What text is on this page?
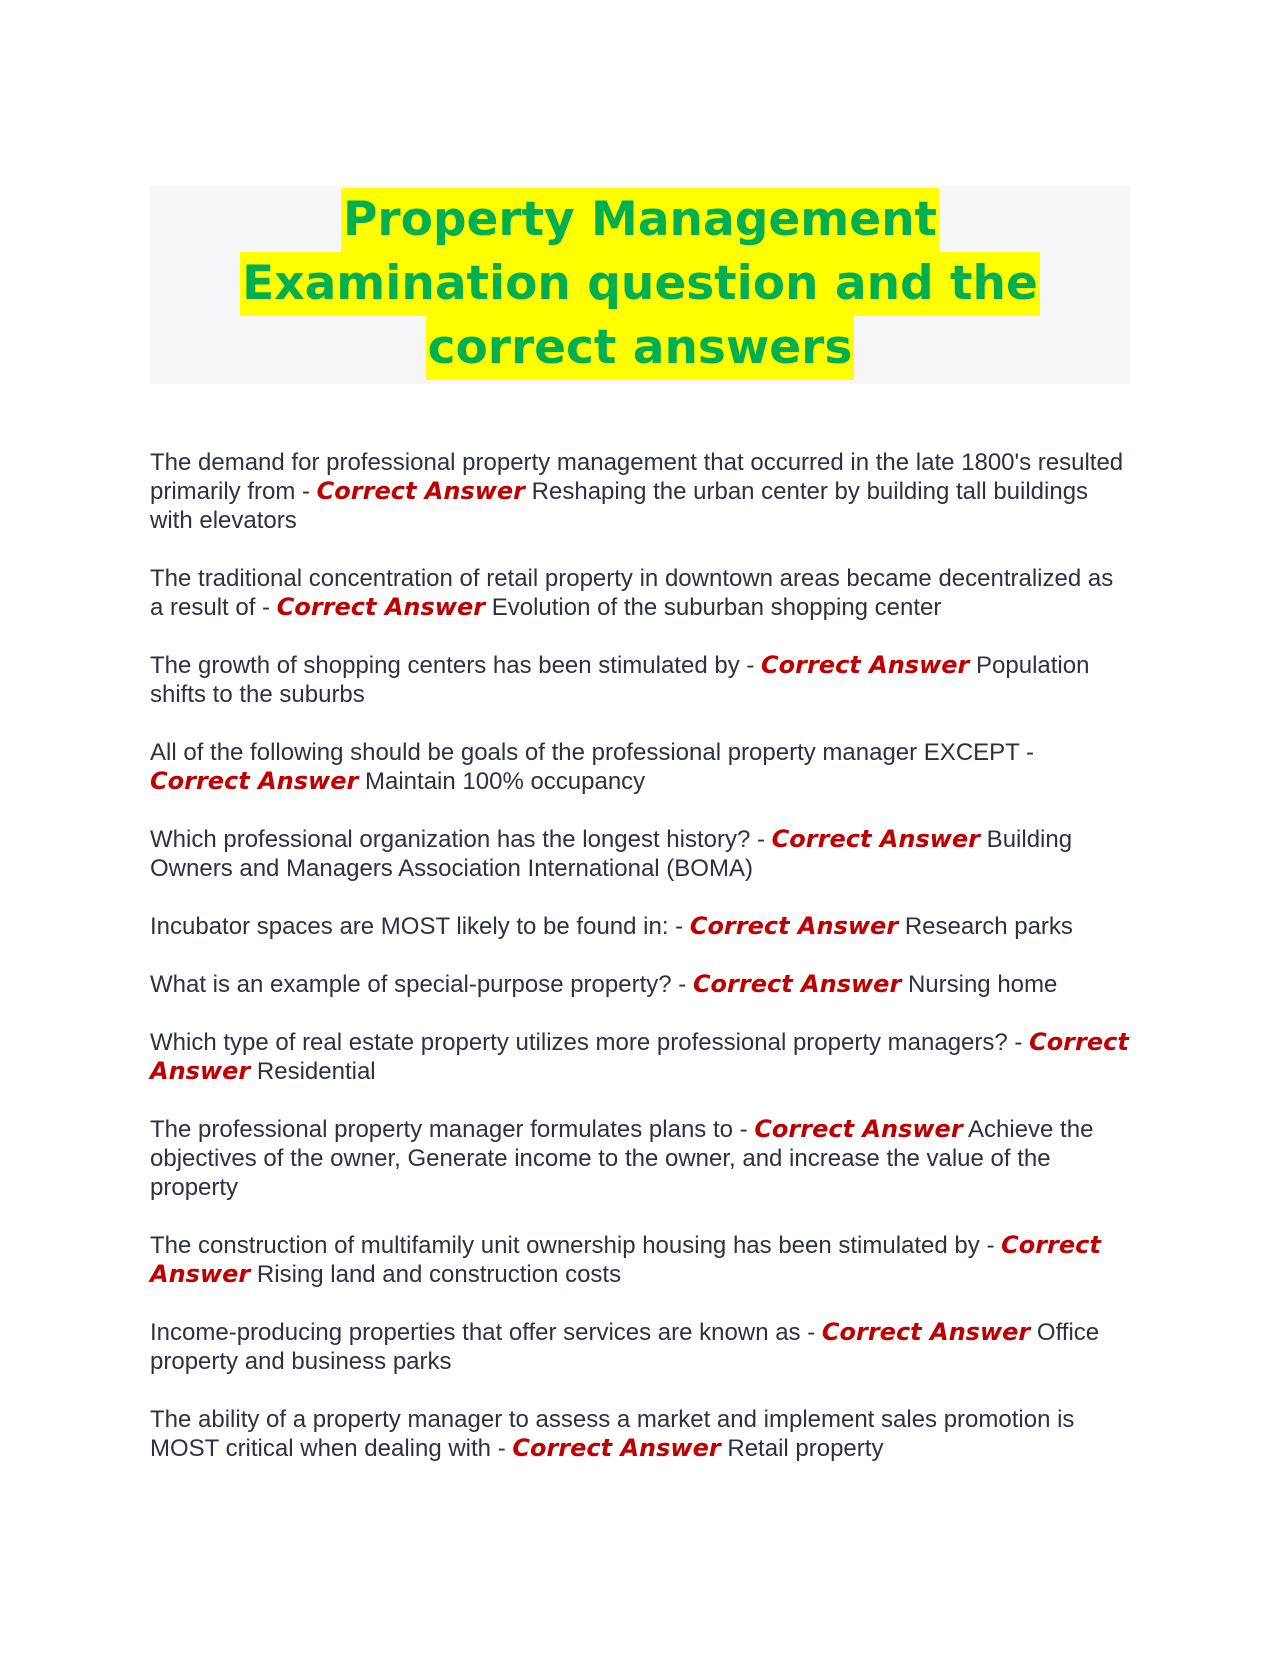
Property Management
Examination question and the
correct answers

The demand for professional property management that occurred in the late 1800's resulted primarily from - Correct Answer Reshaping the urban center by building tall buildings with elevators

The traditional concentration of retail property in downtown areas became decentralized as a result of - Correct Answer Evolution of the suburban shopping center

The growth of shopping centers has been stimulated by - Correct Answer Population shifts to the suburbs

All of the following should be goals of the professional property manager EXCEPT - Correct Answer Maintain 100% occupancy

Which professional organization has the longest history? - Correct Answer Building Owners and Managers Association International (BOMA)

Incubator spaces are MOST likely to be found in: - Correct Answer Research parks

What is an example of special-purpose property? - Correct Answer Nursing home

Which type of real estate property utilizes more professional property managers? - Correct Answer Residential

The professional property manager formulates plans to - Correct Answer Achieve the objectives of the owner, Generate income to the owner, and increase the value of the property

The construction of multifamily unit ownership housing has been stimulated by - Correct Answer Rising land and construction costs

Income-producing properties that offer services are known as - Correct Answer Office property and business parks

The ability of a property manager to assess a market and implement sales promotion is MOST critical when dealing with - Correct Answer Retail property
